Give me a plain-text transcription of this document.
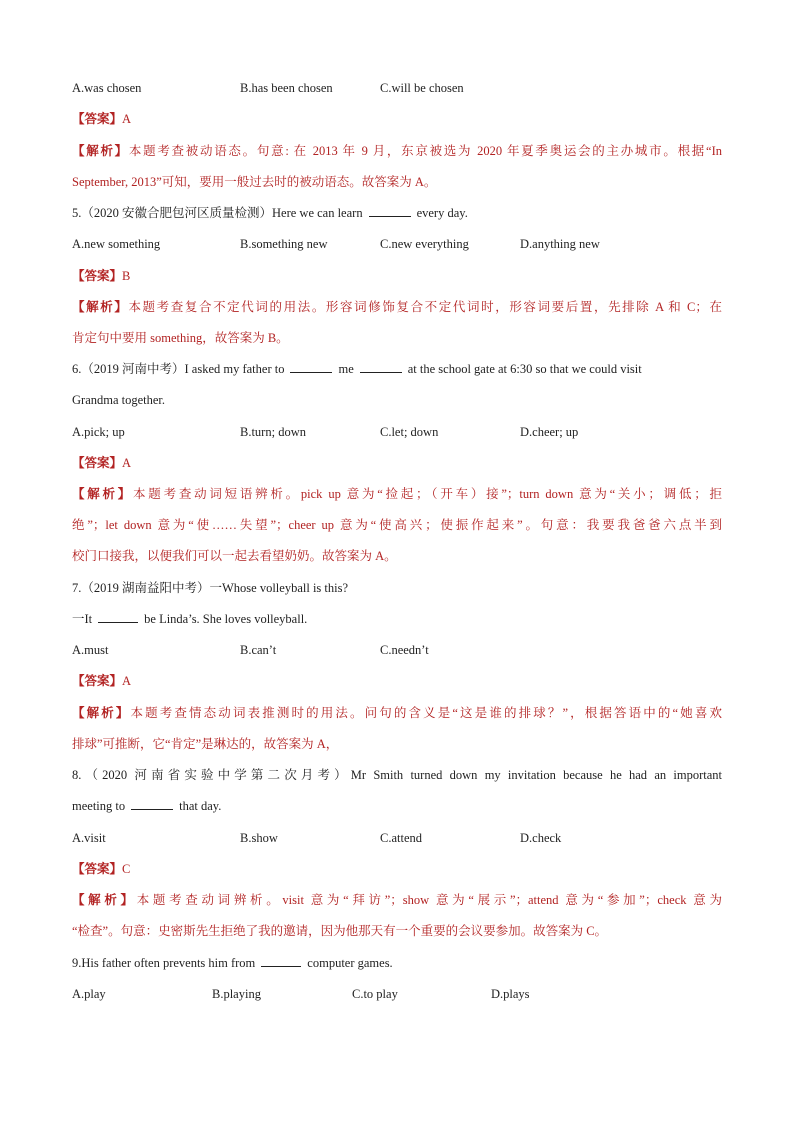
A.was chosen	B.has been chosen	C.will be chosen
【答案】A
【解析】本题考查被动语态。句意: 在 2013 年 9 月，东京被选为 2020 年夏季奥运会的主办城市。根据“In
September, 2013”可知，要用一般过去时的被动语态。故答案为 A。
5.（2020 安徽合肥包河区质量检测）Here we can learn	every day.
A.new something	B.something new	C.new everything	D.anything new
【答案】B
【解析】本题考查复合不定代词的用法。形容词修饰复合不定代词时，形容词要后置，先排除 A 和 C；在
肯定句中要用 something，故答案为 B。
6.（2019 河南中考）I asked my father to	me	at the school gate at 6:30 so that we could visit
Grandma together.
A.pick; up	B.turn; down	C.let; down	D.cheer; up
【答案】A
【解析】本题考查动词短语辨析。pick up 意为“捡起；（开车）接”；turn down 意为“关小；调低；拒
绝”；let down 意为“使……失望”；cheer up 意为“使高兴；使振作起来”。句意：我要我爸爸六点半到
校门口接我，以便我们可以一起去看望奶奶。故答案为 A。
7.（2019 湖南益阳中考）一Whose volleyball is this?
一It	be Linda’s. She loves volleyball.
A.must	B.can’t	C.needn’t
【答案】A
【解析】本题考查情态动词表推测时的用法。问句的含义是“这是谁的排球？”，根据答语中的“她喜欢
排球”可推断，它“肯定”是琳达的，故答案为 A，
8.（2020 河南省实验中学第二次月考）Mr Smith turned down my invitation because he had an important
meeting to	that day.
A.visit	B.show	C.attend	D.check
【答案】C
【解析】本题考查动词辨析。visit 意为“拜访”；show 意为“展示”；attend 意为“参加”；check 意为
“检查”。句意：史密斯先生拒绝了我的邀请，因为他那天有一个重要的会议要参加。故答案为 C。
9.His father often prevents him from	computer games.
A.play	B.playing	C.to play	D.plays
